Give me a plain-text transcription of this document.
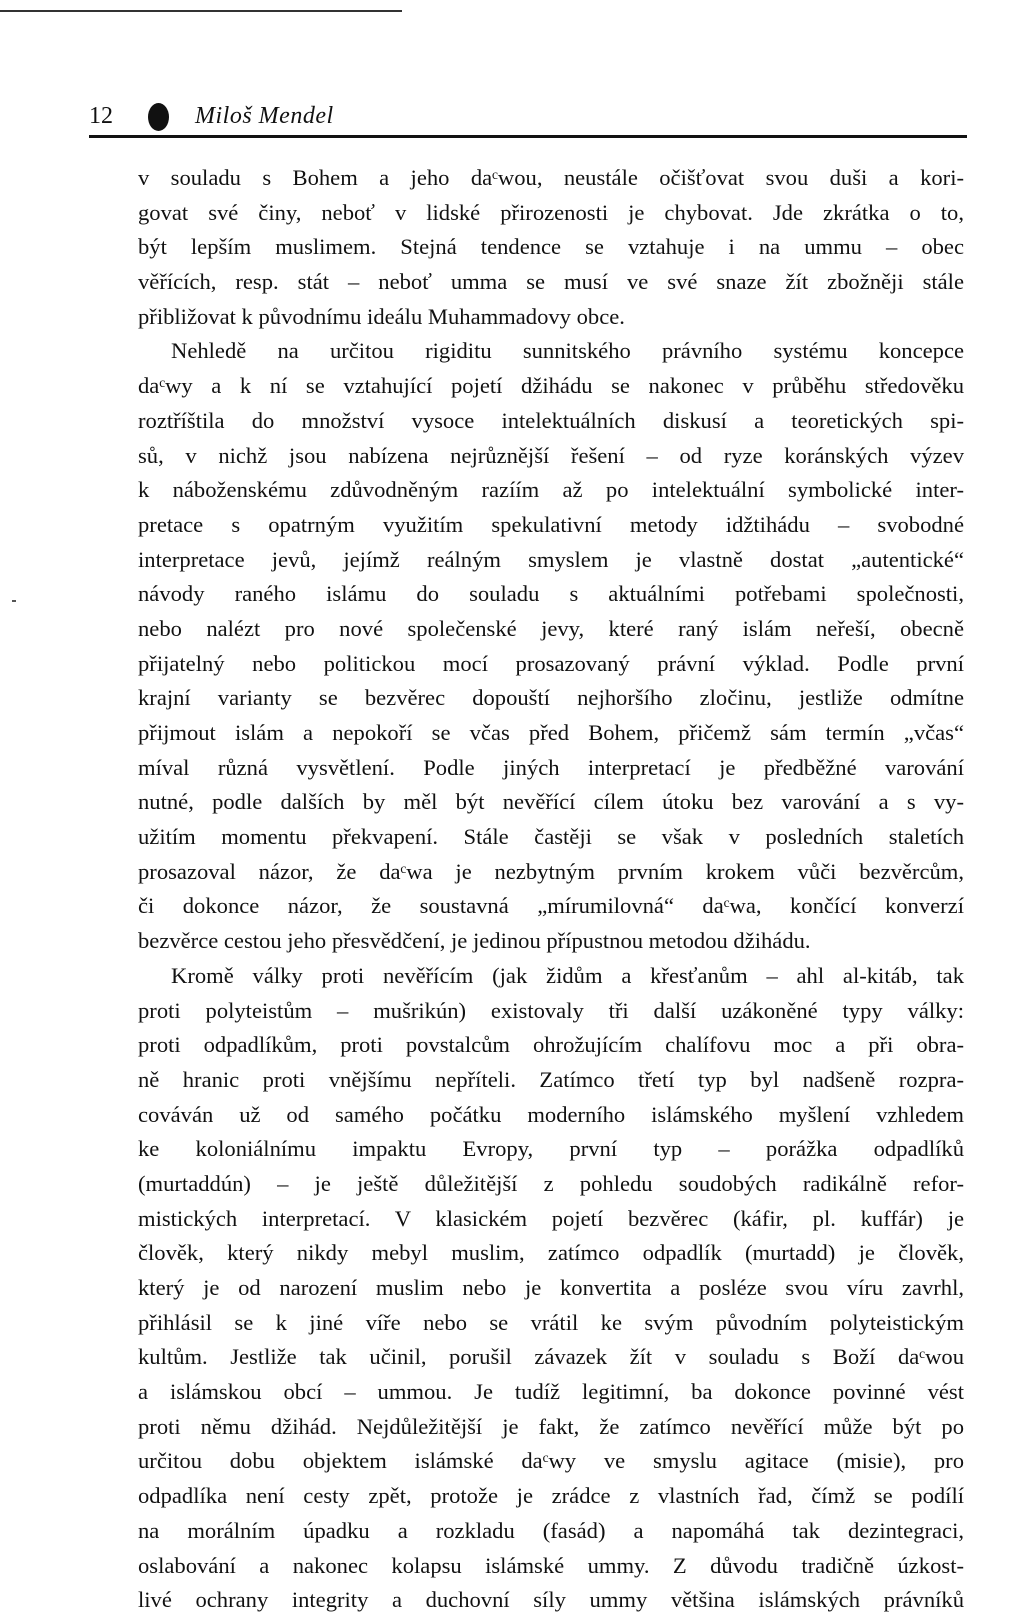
12	Miloš Mendel
v souladu s Bohem a jeho daᶜwou, neustále očišťovat svou duši a kori-
govat své činy, neboť v lidské přirozenosti je chybovat. Jde zkrátka o to,
být lepším muslimem. Stejná tendence se vztahuje i na ummu – obec
věřících, resp. stát – neboť umma se musí ve své snaze žít zbožněji stále
přibližovat k původnímu ideálu Muhammadovy obce.
Nehledě na určitou rigiditu sunnitského právního systému koncepce
daᶜwy a k ní se vztahující pojetí džihádu se nakonec v průběhu středověku
roztříštila do množství vysoce intelektuálních diskusí a teoretických spi-
sů, v nichž jsou nabízena nejrůznější řešení – od ryze koránských výzev
k náboženskému zdůvodněným razíím až po intelektuální symbolické inter-
pretace s opatrným využitím spekulativní metody idžtihádu – svobodné
interpretace jevů, jejímž reálným smyslem je vlastně dostat „autentické“
návody raného islámu do souladu s aktuálními potřebami společnosti,
nebo nalézt pro nové společenské jevy, které raný islám neřeší, obecně
přijatelný nebo politickou mocí prosazovaný právní výklad. Podle první
krajní varianty se bezvěrec dopouští nejhoršího zločinu, jestliže odmítne
přijmout islám a nepokoří se včas před Bohem, přičemž sám termín „včas“
míval různá vysvětlení. Podle jiných interpretací je předběžné varování
nutné, podle dalších by měl být nevěřící cílem útoku bez varování a s vy-
užitím momentu překvapení. Stále častěji se však v posledních staletích
prosazoval názor, že daᶜwa je nezbytným prvním krokem vůči bezvěrcům,
či dokonce názor, že soustavná „mírumilovná“ daᶜwa, končící konverzí
bezvěrce cestou jeho přesvědčení, je jedinou přípustnou metodou džihádu.
Kromě války proti nevěřícím (jak židům a křesťanům – ahl al-kitáb, tak
proti polyteistům – mušrikún) existovaly tři další uzákoněné typy války:
proti odpadlíkům, proti povstalcům ohrožujícím chalífovu moc a při obra-
ně hranic proti vnějšímu nepříteli. Zatímco třetí typ byl nadšeně rozpra-
cováván už od samého počátku moderního islámského myšlení vzhledem
ke koloniálnímu impaktu Evropy, první typ – porážka odpadlíků
(murtaddún) – je ještě důležitější z pohledu soudobých radikálně refor-
mistických interpretací. V klasickém pojetí bezvěrec (káfir, pl. kuffár) je
člověk, který nikdy mebyl muslim, zatímco odpadlík (murtadd) je člověk,
který je od narození muslim nebo je konvertita a posléze svou víru zavrhl,
přihlásil se k jiné víře nebo se vrátil ke svým původním polyteistickým
kultům. Jestliže tak učinil, porušil závazek žít v souladu s Boží daᶜwou
a islámskou obcí – ummou. Je tudíž legitimní, ba dokonce povinné vést
proti němu džihád. Nejdůležitější je fakt, že zatímco nevěřící může být po
určitou dobu objektem islámské daᶜwy ve smyslu agitace (misie), pro
odpadlíka není cesty zpět, protože je zrádce z vlastních řad, čímž se podílí
na morálním úpadku a rozkladu (fasád) a napomáhá tak dezintegraci,
oslabování a nakonec kolapsu islámské ummy. Z důvodu tradičně úzkost-
livé ochrany integrity a duchovní síly ummy většina islámských právníků
